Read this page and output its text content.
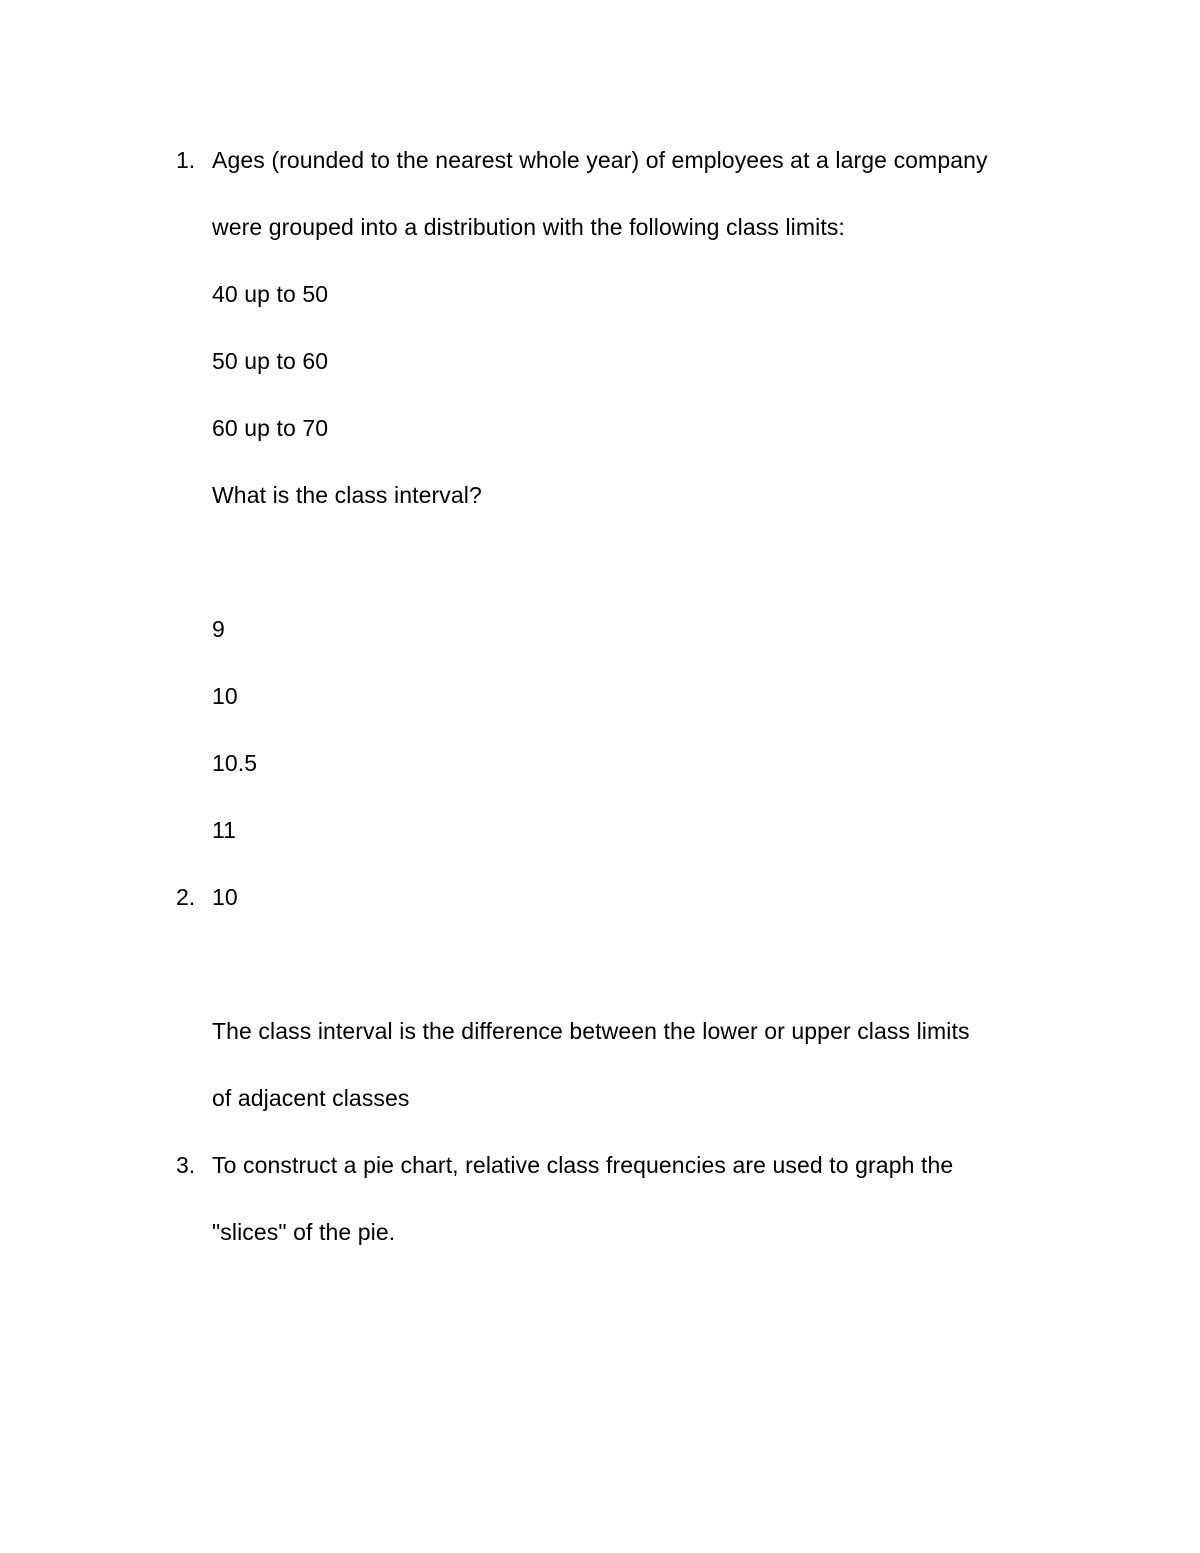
1. Ages (rounded to the nearest whole year) of employees at a large company
were grouped into a distribution with the following class limits:
40 up to 50
50 up to 60
60 up to 70
What is the class interval?
9
10
10.5
11
2. 10
The class interval is the difference between the lower or upper class limits
of adjacent classes
3. To construct a pie chart, relative class frequencies are used to graph the
"slices" of the pie.
